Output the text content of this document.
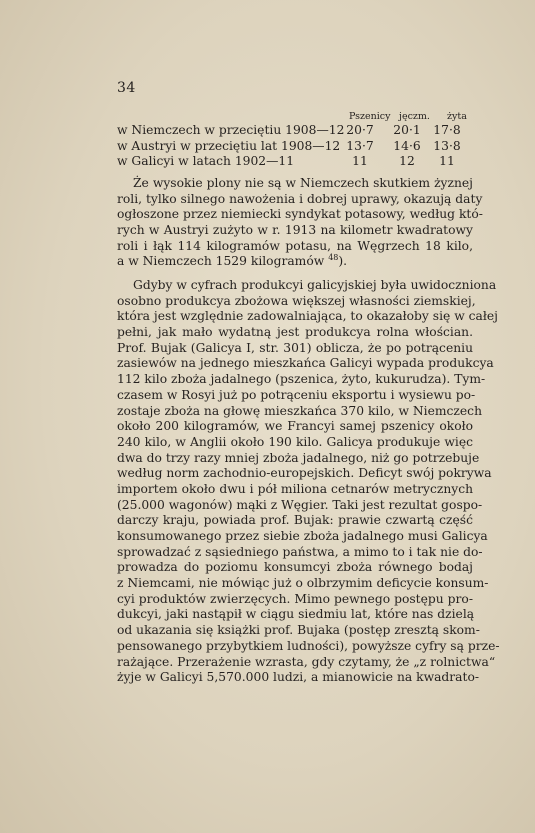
34
Pszenicy jęczm. żyta
w Niemczech w przeciętiu 1908—12 20·7	20·1	17·8
w Austryi w przeciętiu lat 1908—12 13·7	14·6	13·8
w Galicyi w latach 1902—11	11	12	11
Że wysokie plony nie są w Niemczech skutkiem żyznej
roli, tylko silnego nawożenia i dobrej uprawy, okazują daty
ogłoszone przez niemiecki syndykat potasowy, według któ-
rych w Austryi zużyto w r. 1913 na kilometr kwadratowy
roli i łąk 114 kilogramów potasu, na Węgrzech 18 kilo,
a w Niemczech 1529 kilogramów $^{48}$).
Gdyby w cyfrach produkcyi galicyjskiej była uwidoczniona
osobno produkcya zbożowa większej własności ziemskiej,
która jest względnie zadowalniająca, to okazałoby się w całej
pełni, jak mało wydatną jest produkcya rolna włościan.
Prof. Bujak (Galicya I, str. 301) oblicza, że po potrąceniu
zasiewów na jednego mieszkańca Galicyi wypada produkcya
112 kilo zboża jadalnego (pszenica, żyto, kukurudza). Tym-
czasem w Rosyi już po potrąceniu eksportu i wysiewu po-
zostaje zboża na głowę mieszkańca 370 kilo, w Niemczech
około 200 kilogramów, we Francyi samej pszenicy około
240 kilo, w Anglii około 190 kilo. Galicya produkuje więc
dwa do trzy razy mniej zboża jadalnego, niż go potrzebuje
według norm zachodnio-europejskich. Deficyt swój pokrywa
importem około dwu i pół miliona cetnarów metrycznych
(25.000 wagonów) mąki z Węgier. Taki jest rezultat gospo-
darczy kraju, powiada prof. Bujak: prawie czwartą część
konsumowanego przez siebie zboża jadalnego musi Galicya
sprowadzać z sąsiedniego państwa, a mimo to i tak nie do-
prowadza do poziomu konsumcyi zboża równego bodaj
z Niemcami, nie mówiąc już o olbrzymim deficycie konsum-
cyi produktów zwierzęcych. Mimo pewnego postępu pro-
dukcyi, jaki nastąpił w ciągu siedmiu lat, które nas dzielą
od ukazania się książki prof. Bujaka (postęp zresztą skom-
pensowanego przybytkiem ludności), powyższe cyfry są prze-
rażające. Przerażenie wzrasta, gdy czytamy, że „z rolnictwa“
żyje w Galicyi 5,570.000 ludzi, a mianowicie na kwadrato-
